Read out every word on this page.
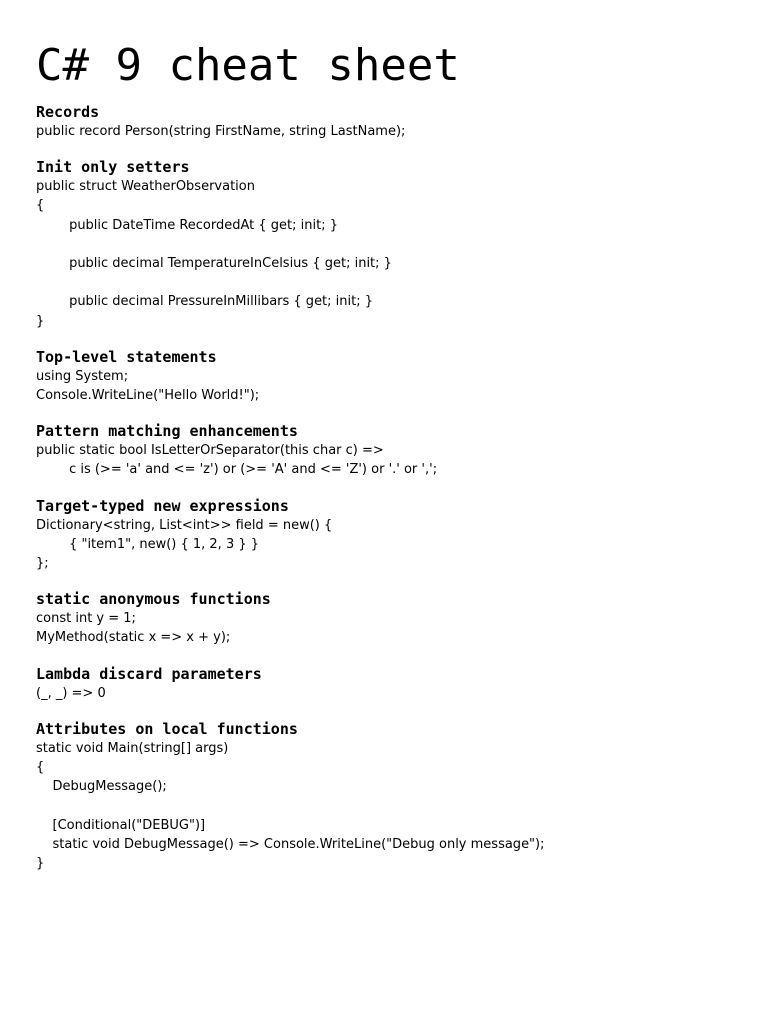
C# 9 cheat sheet
Records
public record Person(string FirstName, string LastName);
Init only setters
public struct WeatherObservation
{
	public DateTime RecordedAt { get; init; }
	public decimal TemperatureInCelsius { get; init; }
	public decimal PressureInMillibars { get; init; }
}
Top-level statements
using System;
Console.WriteLine("Hello World!");
Pattern matching enhancements
public static bool IsLetterOrSeparator(this char c) =>
	c is (>= 'a' and <= 'z') or (>= 'A' and <= 'Z') or '.' or ',';
Target-typed new expressions
Dictionary<string, List<int>> field = new() {
	{ "item1", new() { 1, 2, 3 } }
};
static anonymous functions
const int y = 1;
MyMethod(static x => x + y);
Lambda discard parameters
(_, _) => 0
Attributes on local functions
static void Main(string[] args)
{
DebugMessage();
[Conditional("DEBUG")]
static void DebugMessage() => Console.WriteLine("Debug only message");
}
